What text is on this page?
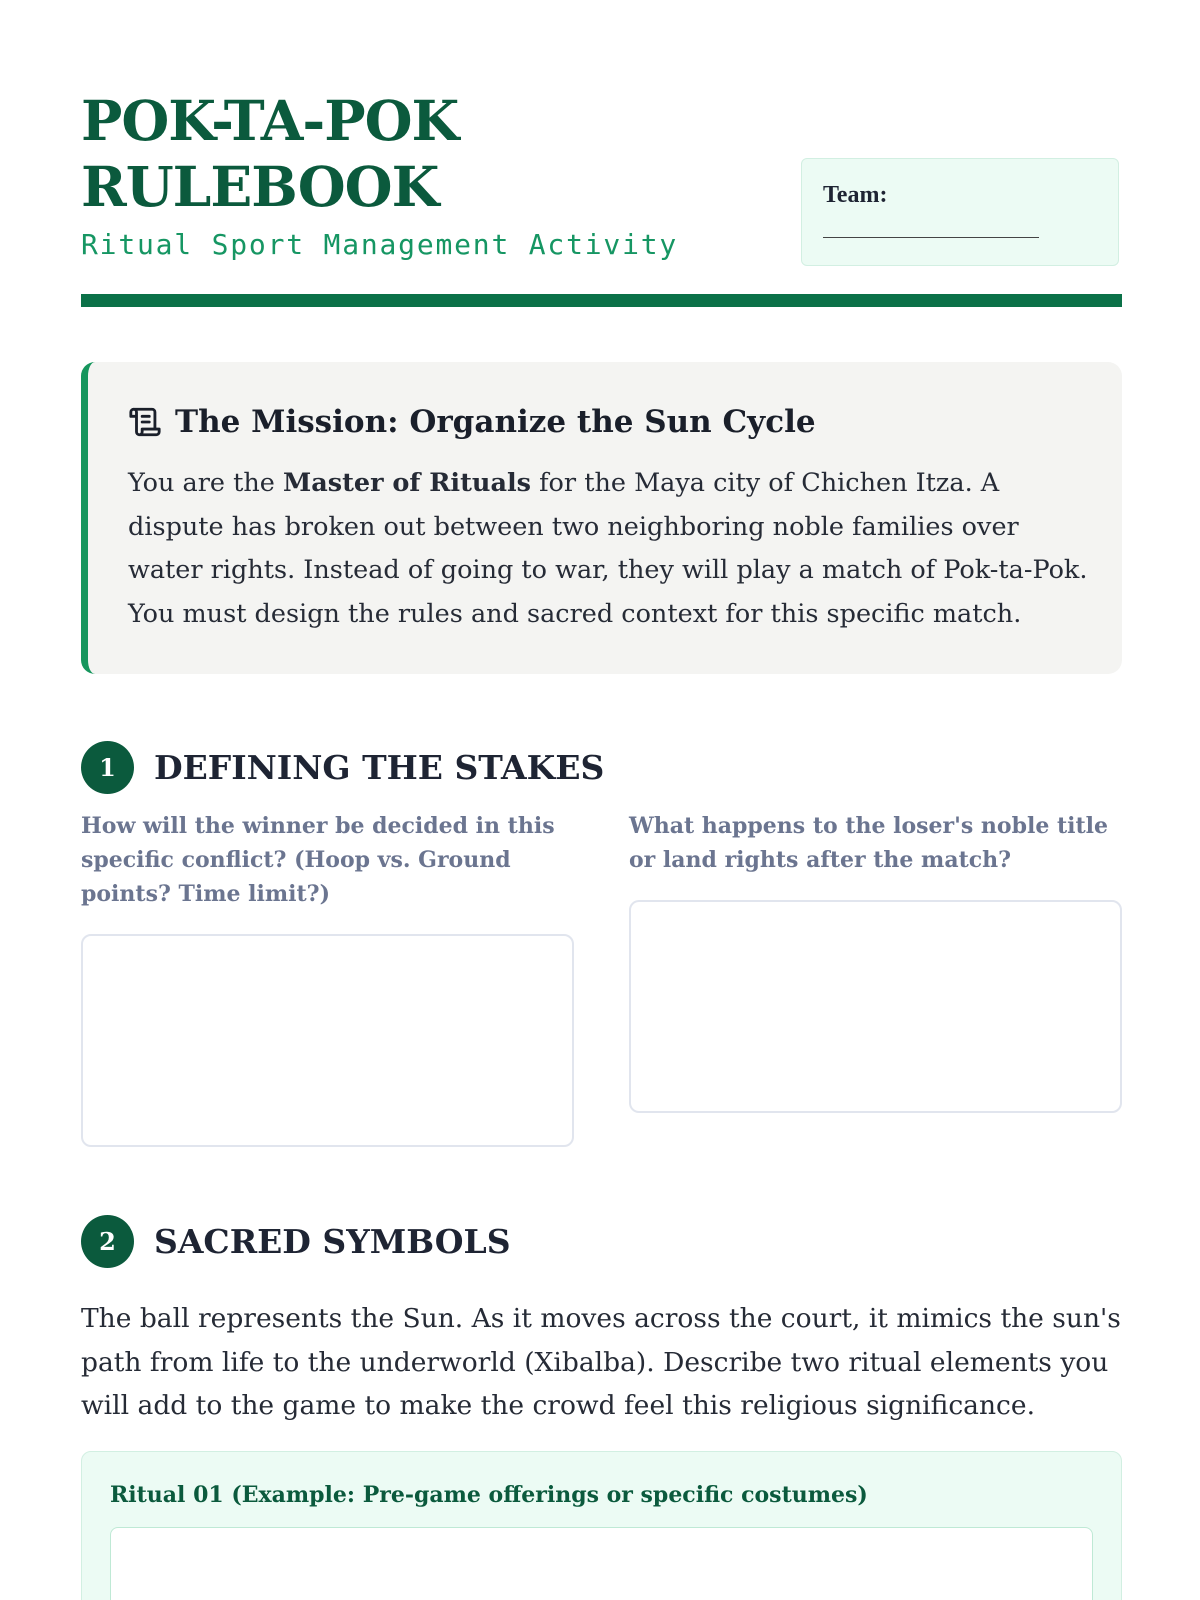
POK-TA-POK
RULEBOOK
Ritual Sport Management Activity
Team:
The Mission: Organize the Sun Cycle

You are the Master of Rituals for the Maya city of Chichen Itza. A dispute has broken out between two neighboring noble families over water rights. Instead of going to war, they will play a match of Pok-ta-Pok. You must design the rules and sacred context for this specific match.

1	DEFINING THE STAKES

How will the winner be decided in this specific conflict? (Hoop vs. Ground points? Time limit?)

What happens to the loser's noble title or land rights after the match?

2	SACRED SYMBOLS

The ball represents the Sun. As it moves across the court, it mimics the sun's path from life to the underworld (Xibalba). Describe two ritual elements you will add to the game to make the crowd feel this religious significance.

Ritual 01 (Example: Pre-game offerings or specific costumes)
